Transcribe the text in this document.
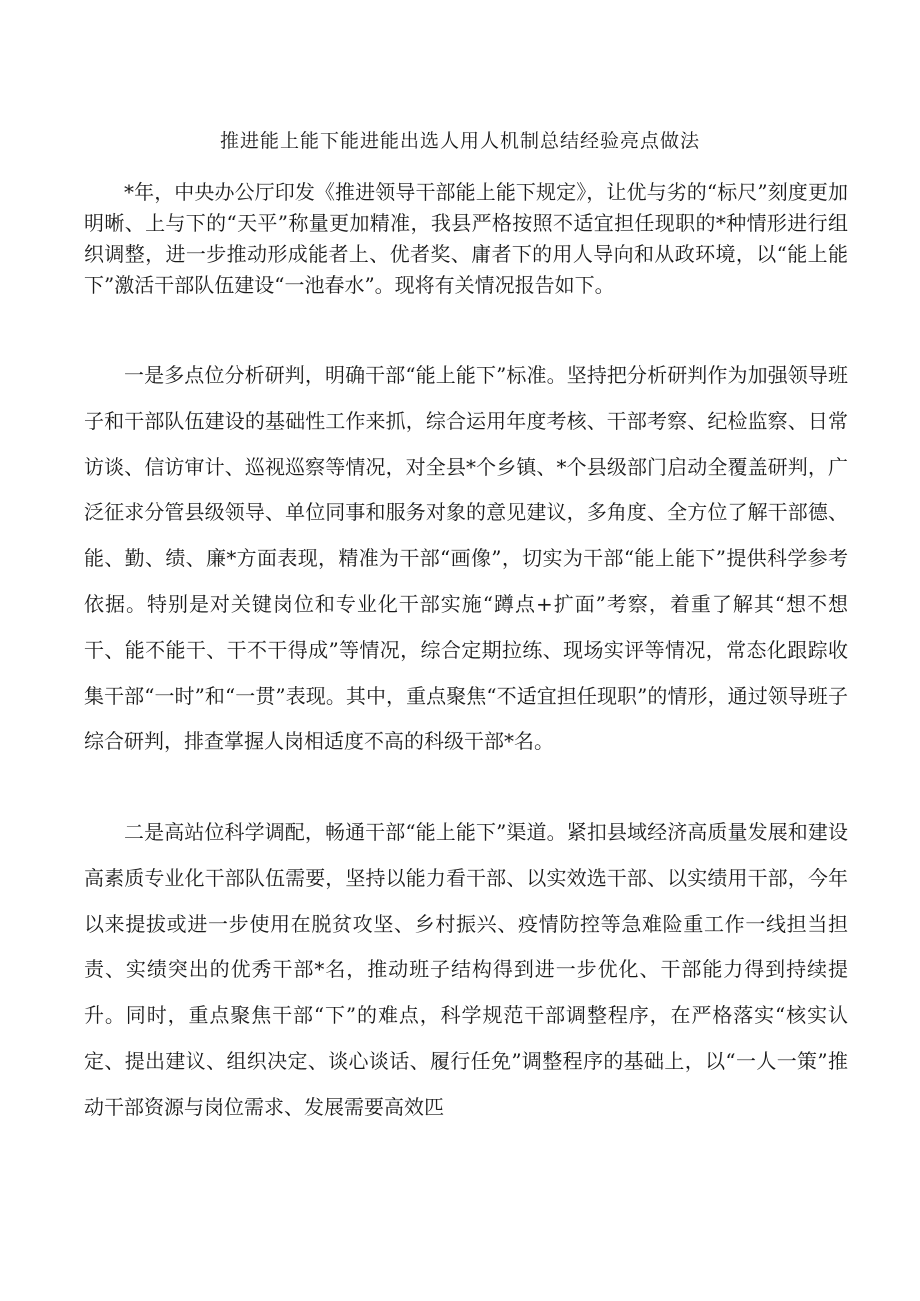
推进能上能下能进能出选人用人机制总结经验亮点做法

*年，中央办公厅印发《推进领导干部能上能下规定》，让优与劣的“标尺”刻度更加明晰、上与下的“天平”称量更加精准，我县严格按照不适宜担任现职的*种情形进行组织调整，进一步推动形成能者上、优者奖、庸者下的用人导向和从政环境，以“能上能下”激活干部队伍建设“一池春水”。现将有关情况报告如下。

一是多点位分析研判，明确干部“能上能下”标准。坚持把分析研判作为加强领导班子和干部队伍建设的基础性工作来抓，综合运用年度考核、干部考察、纪检监察、日常访谈、信访审计、巡视巡察等情况，对全县*个乡镇、*个县级部门启动全覆盖研判，广泛征求分管县级领导、单位同事和服务对象的意见建议，多角度、全方位了解干部德、能、勤、绩、廉*方面表现，精准为干部“画像”，切实为干部“能上能下”提供科学参考依据。特别是对关键岗位和专业化干部实施“蹲点+扩面”考察，着重了解其“想不想干、能不能干、干不干得成”等情况，综合定期拉练、现场实评等情况，常态化跟踪收集干部“一时”和“一贯”表现。其中，重点聚焦“不适宜担任现职”的情形，通过领导班子综合研判，排查掌握人岗相适度不高的科级干部*名。

二是高站位科学调配，畅通干部“能上能下”渠道。紧扣县域经济高质量发展和建设高素质专业化干部队伍需要，坚持以能力看干部、以实效选干部、以实绩用干部，今年以来提拔或进一步使用在脱贫攻坚、乡村振兴、疫情防控等急难险重工作一线担当担责、实绩突出的优秀干部*名，推动班子结构得到进一步优化、干部能力得到持续提升。同时，重点聚焦干部“下”的难点，科学规范干部调整程序，在严格落实“核实认定、提出建议、组织决定、谈心谈话、履行任免”调整程序的基础上，以“一人一策”推动干部资源与岗位需求、发展需要高效匹
